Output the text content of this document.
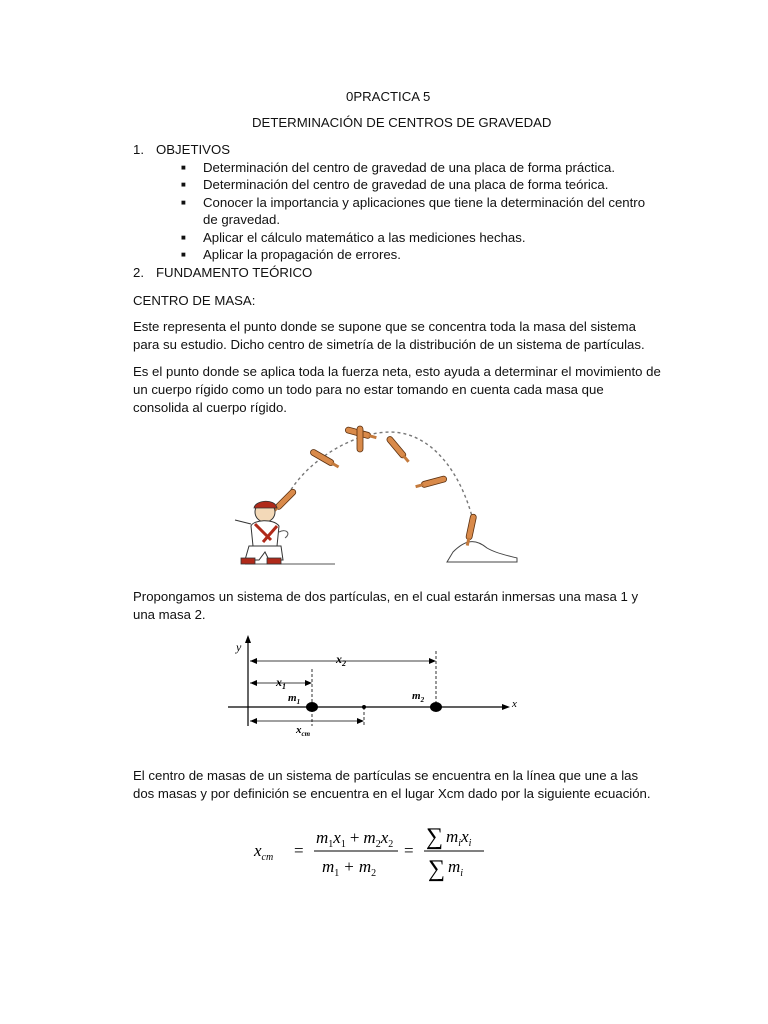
0PRACTICA 5
DETERMINACIÓN DE CENTROS DE GRAVEDAD
1. OBJETIVOS
■ Determinación del centro de gravedad de una placa de forma práctica.
■ Determinación del centro de gravedad de una placa de forma teórica.
■ Conocer la importancia y aplicaciones que tiene la determinación del centro de gravedad.
■ Aplicar el cálculo matemático a las mediciones hechas.
■ Aplicar la propagación de errores.
2. FUNDAMENTO TEÓRICO
CENTRO DE MASA:
Este representa el punto donde se supone que se concentra toda la masa del sistema para su estudio. Dicho centro de simetría de la distribución de un sistema de partículas.
Es el punto donde se aplica toda la fuerza neta, esto ayuda a determinar el movimiento de un cuerpo rígido como un todo para no estar tomando en cuenta cada masa que consolida al cuerpo rígido.
Propongamos un sistema de dos partículas, en el cual estarán inmersas una masa 1 y una masa 2.
y
x
$x_2$
$x_1$
$m_1$	$m_2$
$x_{cm}$
El centro de masas de un sistema de partículas se encuentra en la línea que une a las dos masas y por definición se encuentra en el lugar Xcm dado por la siguiente ecuación.
$x_{cm}$ =
$m_1x_1 + m_2x_2$
$m_1 + m_2$
=
∑ $m_ix_i$
∑ $m_i$
